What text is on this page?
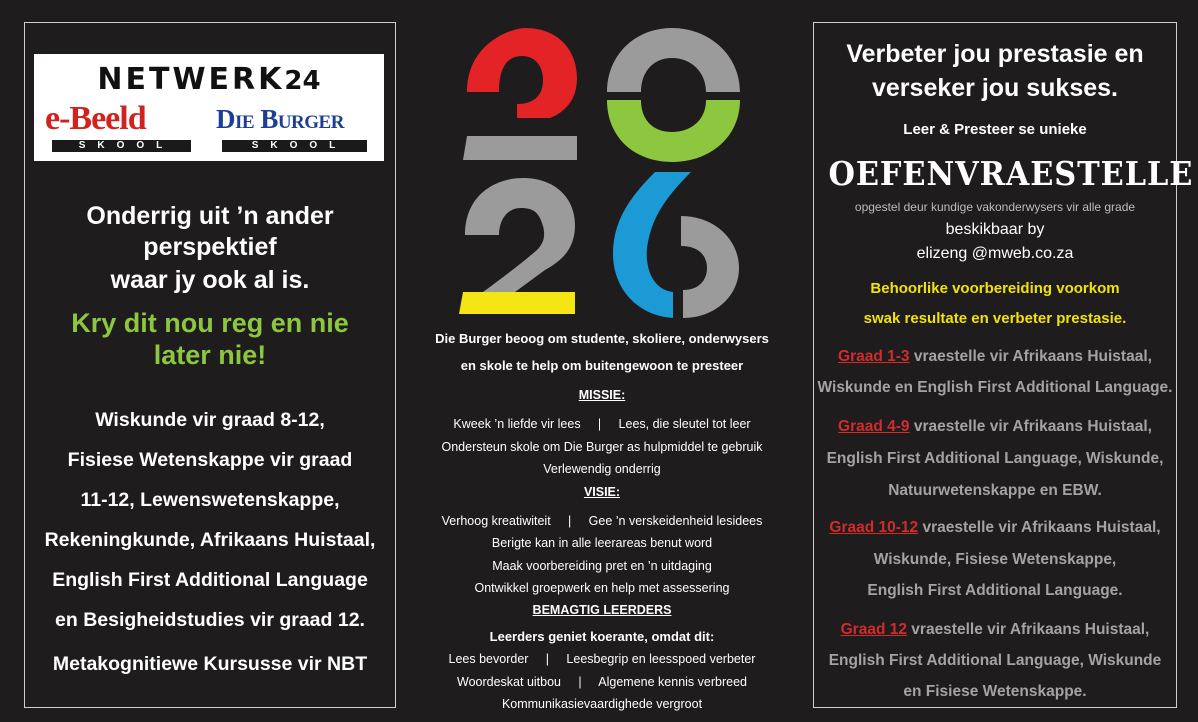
NETWERK24
e-Beeld	Die Burger
SKOOL	SKOOL
Onderrig uit ’n ander
perspektief
waar jy ook al is.
Kry dit nou reg en nie
later nie!
Wiskunde vir graad 8-12,
Fisiese Wetenskappe vir graad
11-12, Lewenswetenskappe,
Rekeningkunde, Afrikaans Huistaal,
English First Additional Language
en Besigheidstudies vir graad 12.
Metakognitiewe Kursusse vir NBT
Die Burger beoog om studente, skoliere, onderwysers
en skole te help om buitengewoon te presteer
MISSIE:
Kweek ’n liefde vir lees     |     Lees, die sleutel tot leer
Ondersteun skole om Die Burger as hulpmiddel te gebruik
Verlewendig onderrig
VISIE:
Verhoog kreatiwiteit     |     Gee ’n verskeidenheid lesidees
Berigte kan in alle leerareas benut word
Maak voorbereiding pret en ’n uitdaging
Ontwikkel groepwerk en help met assessering
BEMAGTIG LEERDERS
Leerders geniet koerante, omdat dit:
Lees bevorder     |     Leesbegrip en leesspoed verbeter
Woordeskat uitbou     |     Algemene kennis verbreed
Kommunikasievaardighede vergroot
Verbeter jou prestasie en
verseker jou sukses.
Leer & Presteer se unieke
OEFENVRAESTELLE
opgestel deur kundige vakonderwysers vir alle grade
beskikbaar by
elizeng @mweb.co.za
Behoorlike voorbereiding voorkom
swak resultate en verbeter prestasie.
Graad 1-3 vraestelle vir Afrikaans Huistaal,
Wiskunde en English First Additional Language.
Graad 4-9 vraestelle vir Afrikaans Huistaal,
English First Additional Language, Wiskunde,
Natuurwetenskappe en EBW.
Graad 10-12 vraestelle vir Afrikaans Huistaal,
Wiskunde, Fisiese Wetenskappe,
English First Additional Language.
Graad 12 vraestelle vir Afrikaans Huistaal,
English First Additional Language, Wiskunde
en Fisiese Wetenskappe.
